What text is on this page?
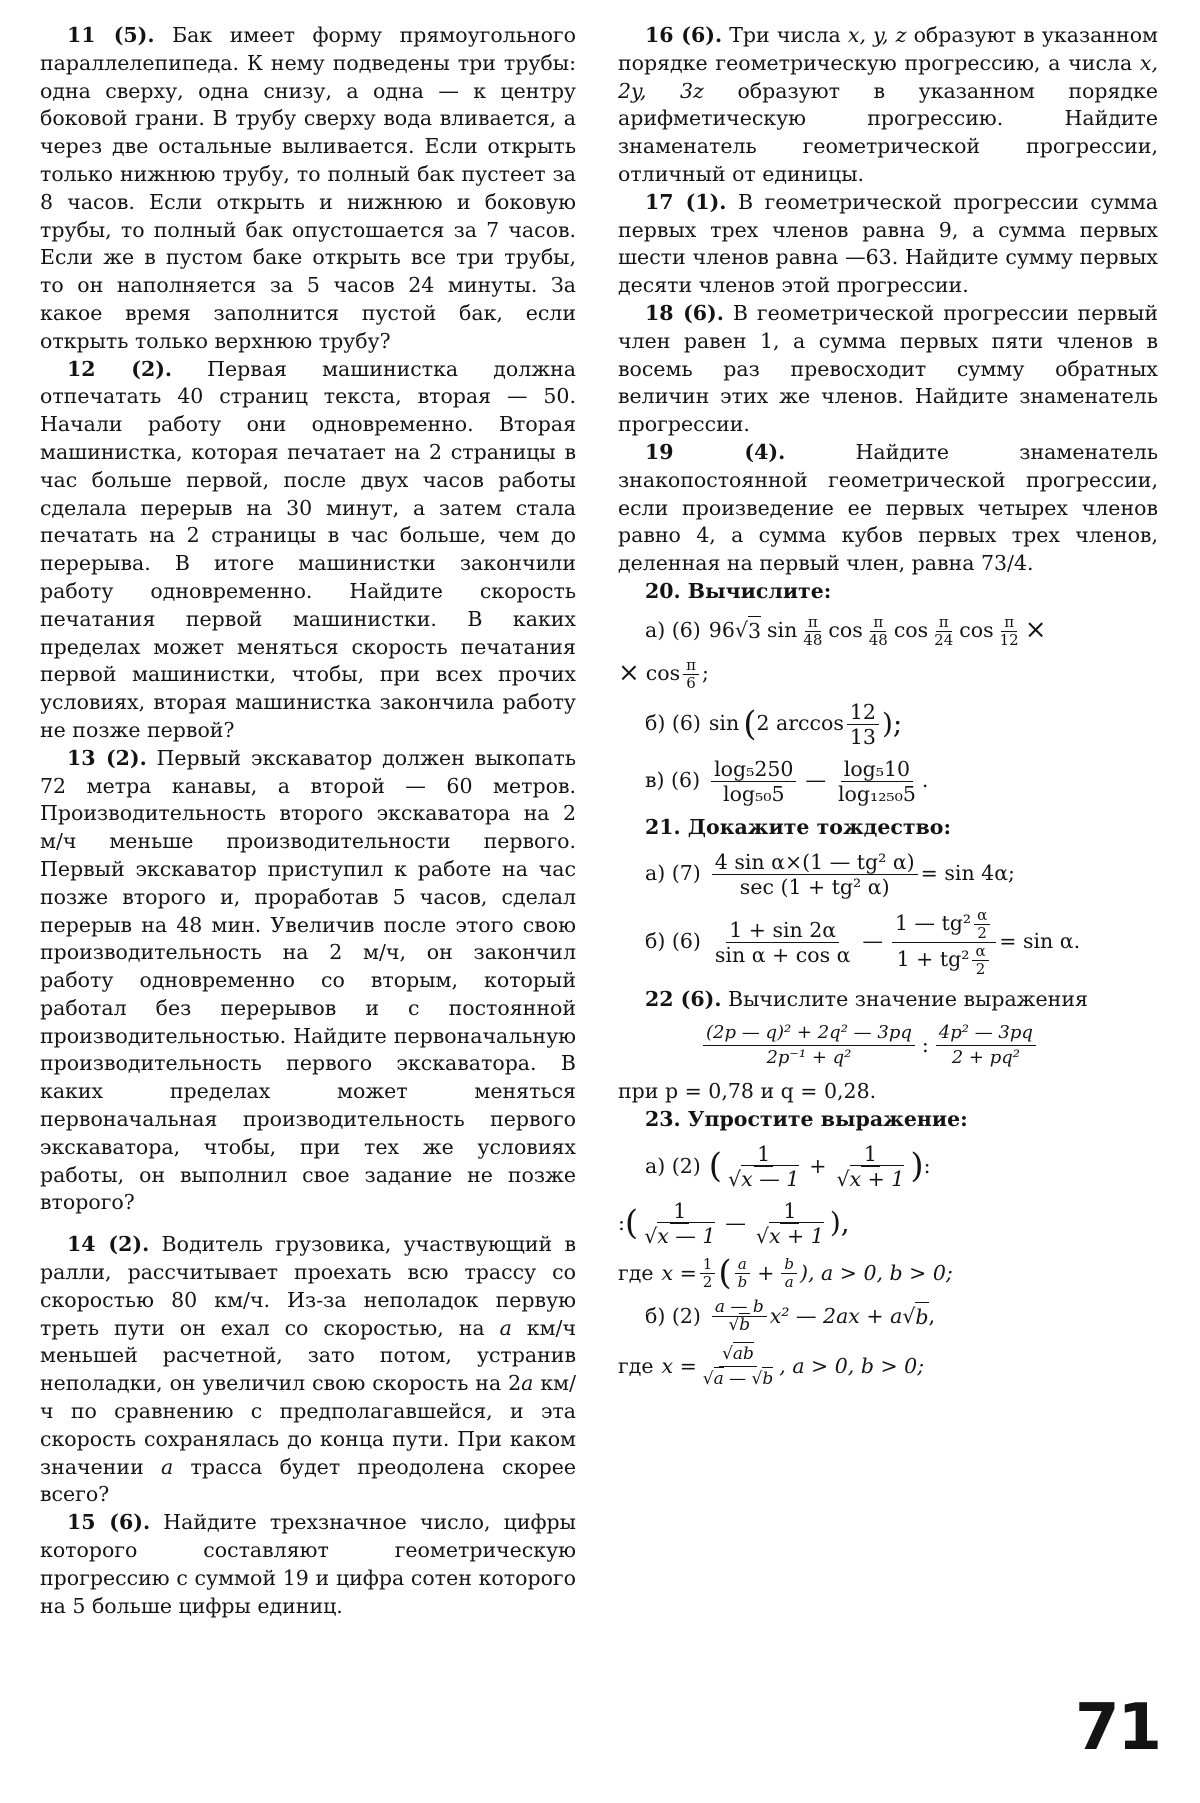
11 (5). Бак имеет форму прямоугольного параллелепипеда. К нему подведены три трубы: одна сверху, одна снизу, а одна — к центру боковой грани. В трубу сверху вода вливается, а через две остальные выливается. Если открыть только нижнюю трубу, то полный бак пустеет за 8 часов. Если открыть и нижнюю и боковую трубы, то полный бак опустошается за 7 часов. Если же в пустом баке открыть все три трубы, то он наполняется за 5 часов 24 минуты. За какое время заполнится пустой бак, если открыть только верхнюю трубу?

12 (2). Первая машинистка должна отпечатать 40 страниц текста, вторая — 50. Начали работу они одновременно. Вторая машинистка, которая печатает на 2 страницы в час больше первой, после двух часов работы сделала перерыв на 30 минут, а затем стала печатать на 2 страницы в час больше, чем до перерыва. В итоге машинистки закончили работу одновременно. Найдите скорость печатания первой машинистки. В каких пределах может меняться скорость печатания первой машинистки, чтобы, при всех прочих условиях, вторая машинистка закончила работу не позже первой?

13 (2). Первый экскаватор должен выкопать 72 метра канавы, а второй — 60 метров. Производительность второго экскаватора на 2 м/ч меньше производительности первого. Первый экскаватор приступил к работе на час позже второго и, проработав 5 часов, сделал перерыв на 48 мин. Увеличив после этого свою производительность на 2 м/ч, он закончил работу одновременно со вторым, который работал без перерывов и с постоянной производительностью. Найдите первоначальную производительность первого экскаватора. В каких пределах может меняться первоначальная производительность первого экскаватора, чтобы, при тех же условиях работы, он выполнил свое задание не позже второго?

14 (2). Водитель грузовика, участвующий в ралли, рассчитывает проехать всю трассу со скоростью 80 км/ч. Из-за неполадок первую треть пути он ехал со скоростью, на a км/ч меньшей расчетной, зато потом, устранив неполадки, он увеличил свою скорость на 2a км/ч по сравнению с предполагавшейся, и эта скорость сохранялась до конца пути. При каком значении a трасса будет преодолена скорее всего?

15 (6). Найдите трехзначное число, цифры которого составляют геометрическую прогрессию с суммой 19 и цифра сотен которого на 5 больше цифры единиц.

16 (6). Три числа x, y, z образуют в указанном порядке геометрическую прогрессию, а числа x, 2y, 3z образуют в указанном порядке арифметическую прогрессию. Найдите знаменатель геометрической прогрессии, отличный от единицы.

17 (1). В геометрической прогрессии сумма первых трех членов равна 9, а сумма первых шести членов равна —63. Найдите сумму первых десяти членов этой прогрессии.

18 (6). В геометрической прогрессии первый член равен 1, а сумма первых пяти членов в восемь раз превосходит сумму обратных величин этих же членов. Найдите знаменатель прогрессии.

19 (4).	Найдите знаменатель знакопостоянной геометрической прогрессии, если произведение ее первых четырех членов равно 4, а сумма кубов первых трех членов, деленная на первый член, равна 73/4.

20. Вычислите:

а) (6) 96 √ 3 $\sin \frac{\pi}{48}$ $\cos \frac{\pi}{48}$ $\cos \frac{\pi}{24}$ $\cos \frac{\pi}{12}$ ×
× $\cos \frac{\pi}{6}$ ;
б) (6) sin ( 2 $\arccos \frac{12}{13}$ );
в) $(6) \frac{\text{log₅250}}{\text{log₅₀5}}$ — $\frac{\text{log₅10}}{\text{log₁₂₅₀5}}$ .

21. Докажите тождество:

а) $(7) \frac{\text{4 sin α×(1 — tg² α)}}{\text{sec (1 + tg² α)}} = \sin 4\alpha$;
б) $(6) \frac{1 + \sin 2\alpha}{\text{sin α + cos α}}$ — $\frac{1 — tg^2 \frac{\alpha}{2}}{1 + tg^2 \frac{\alpha}{2}} = \sin \alpha$.

22 (6). Вычислите значение выражения

$\frac{\text{(2p — q)² + 2q² — 3pq}}{\text{2p⁻¹ + q²}}$ : $\frac{\text{4p² — 3pq}}{\text{2 + pq²}}$

при p = 0,78 и q = 0,28.

23. Упростите выражение:

а) (2) ( $\frac{1}{√x — 1} + \frac{1}{√x + 1}$ ) :
: ( $\frac{1}{√x — 1}$ — $\frac{1}{√x + 1}$ ),
где $x = \frac{1}{2}$ ( $\frac{a}{b} + \frac{b}{a}$ ), a > 0, b > 0;
б) $(2) \frac{a — b}{√b} x^2$ — 2ax + a √ b ,
где $x = \frac{√ab}{√a — √b}$ , a > 0, b > 0;
71
